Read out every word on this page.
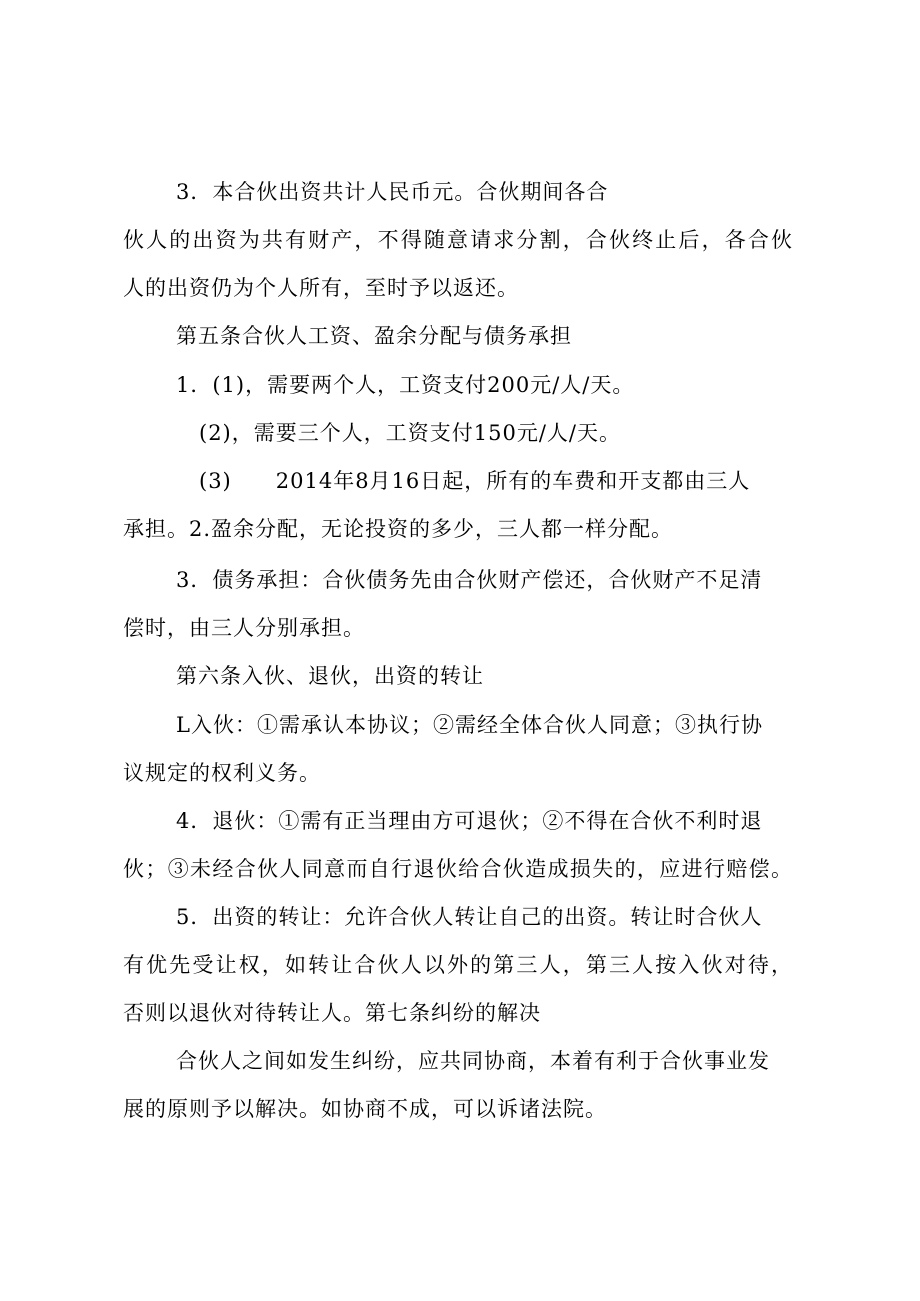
3．本合伙出资共计人民币元。合伙期间各合
伙人的出资为共有财产，不得随意请求分割，合伙终止后，各合伙
人的出资仍为个人所有，至时予以返还。
第五条合伙人工资、盈余分配与债务承担
1．(1)，需要两个人，工资支付200元/人/天。
(2)，需要三个人，工资支付150元/人/天。
(3)　　2014年8月16日起，所有的车费和开支都由三人
承担。2.盈余分配，无论投资的多少，三人都一样分配。
3．债务承担：合伙债务先由合伙财产偿还，合伙财产不足清
偿时，由三人分别承担。
第六条入伙、退伙，出资的转让
L入伙：①需承认本协议；②需经全体合伙人同意；③执行协
议规定的权利义务。
4．退伙：①需有正当理由方可退伙；②不得在合伙不利时退
伙；③未经合伙人同意而自行退伙给合伙造成损失的，应进行赔偿。
5．出资的转让：允许合伙人转让自己的出资。转让时合伙人
有优先受让权，如转让合伙人以外的第三人，第三人按入伙对待，
否则以退伙对待转让人。第七条纠纷的解决
合伙人之间如发生纠纷，应共同协商，本着有利于合伙事业发
展的原则予以解决。如协商不成，可以诉诸法院。
